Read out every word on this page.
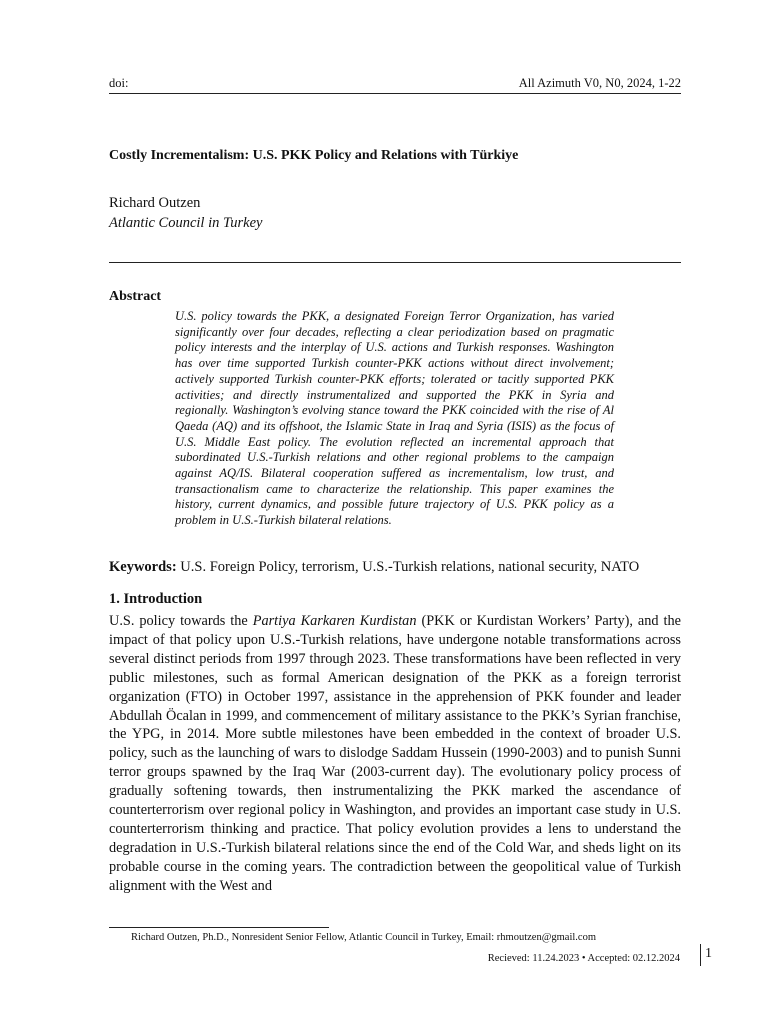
doi:	All Azimuth V0, N0, 2024, 1-22
Costly Incrementalism: U.S. PKK Policy and Relations with Türkiye
Richard Outzen
Atlantic Council in Turkey
Abstract

U.S. policy towards the PKK, a designated Foreign Terror Organization, has varied significantly over four decades, reflecting a clear periodization based on pragmatic policy interests and the interplay of U.S. actions and Turkish responses. Washington has over time supported Turkish counter-PKK actions without direct involvement; actively supported Turkish counter-PKK efforts; tolerated or tacitly supported PKK activities; and directly instrumentalized and supported the PKK in Syria and regionally. Washington’s evolving stance toward the PKK coincided with the rise of Al Qaeda (AQ) and its offshoot, the Islamic State in Iraq and Syria (ISIS) as the focus of U.S. Middle East policy. The evolution reflected an incremental approach that subordinated U.S.-Turkish relations and other regional problems to the campaign against AQ/IS. Bilateral cooperation suffered as incrementalism, low trust, and transactionalism came to characterize the relationship. This paper examines the history, current dynamics, and possible future trajectory of U.S. PKK policy as a problem in U.S.-Turkish bilateral relations.

Keywords: U.S. Foreign Policy, terrorism, U.S.-Turkish relations, national security, NATO
1. Introduction

U.S. policy towards the Partiya Karkaren Kurdistan (PKK or Kurdistan Workers’ Party), and the impact of that policy upon U.S.-Turkish relations, have undergone notable transformations across several distinct periods from 1997 through 2023. These transformations have been reflected in very public milestones, such as formal American designation of the PKK as a foreign terrorist organization (FTO) in October 1997, assistance in the apprehension of PKK founder and leader Abdullah Öcalan in 1999, and commencement of military assistance to the PKK’s Syrian franchise, the YPG, in 2014. More subtle milestones have been embedded in the context of broader U.S. policy, such as the launching of wars to dislodge Saddam Hussein (1990-2003) and to punish Sunni terror groups spawned by the Iraq War (2003-current day). The evolutionary policy process of gradually softening towards, then instrumentalizing the PKK marked the ascendance of counterterrorism over regional policy in Washington, and provides an important case study in U.S. counterterrorism thinking and practice. That policy evolution provides a lens to understand the degradation in U.S.-Turkish bilateral relations since the end of the Cold War, and sheds light on its probable course in the coming years. The contradiction between the geopolitical value of Turkish alignment with the West and

Richard Outzen, Ph.D., Nonresident Senior Fellow, Atlantic Council in Turkey, Email: rhmoutzen@gmail.com
Recieved: 11.24.2023 • Accepted: 02.12.2024 1
